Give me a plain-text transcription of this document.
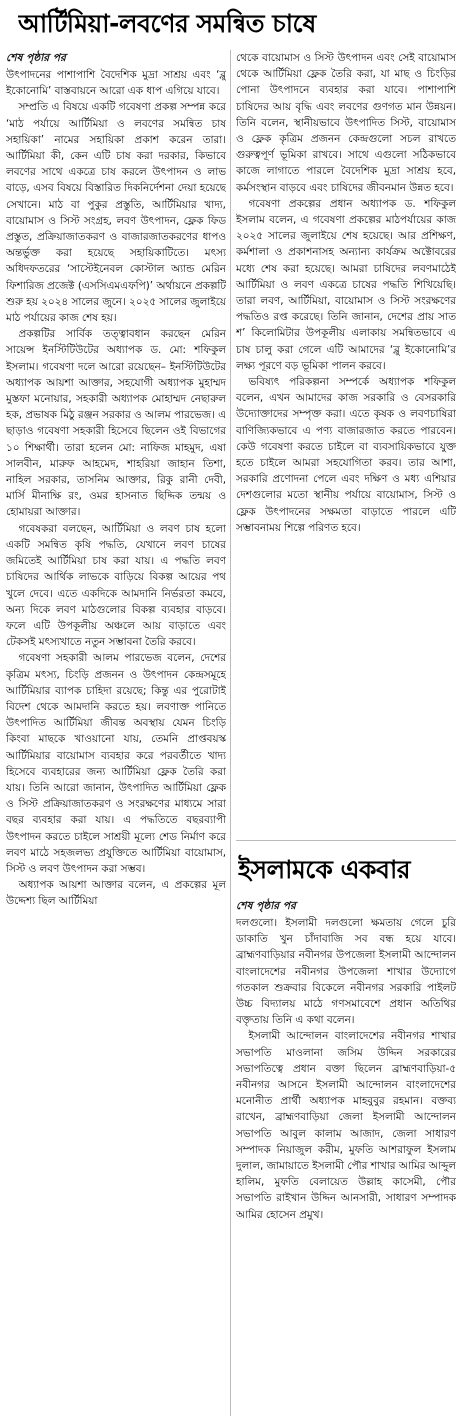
আর্টিমিয়া-লবণের সমন্বিত চাষে
শেষ পৃষ্ঠার পর

উৎপাদনের পাশাপাশি বৈদেশিক মুদ্রা সাশ্রয় এবং ‘ব্লু ইকোনোমি’ বাস্তবায়নে আরো এক ধাপ এগিয়ে যাবে।

সম্প্রতি এ বিষয়ে একটি গবেষণা প্রকল্প সম্পন্ন করে ‘মাঠ পর্যায়ে আর্টিমিয়া ও লবণের সমন্বিত চাষ সহায়িকা’ নামের সহায়িকা প্রকাশ করেন তারা। আর্টিমিয়া কী, কেন এটি চাষ করা দরকার, কিভাবে লবণের সাথে একত্রে চাষ করলে উৎপাদন ও লাভ বাড়ে, এসব বিষয়ে বিস্তারিত দিকনির্দেশনা দেয়া হয়েছে সেখানে। মাঠ বা পুকুর প্রস্তুতি, আর্টিমিয়ার খাদ্য, বায়োমাস ও সিস্ট সংগ্রহ, লবণ উৎপাদন, ফ্লেক ফিড প্রস্তুত, প্রক্রিয়াজাতকরণ ও বাজারজাতকরণের ধাপও অন্তর্ভুক্ত করা হয়েছে সহায়িকাটিতে। মৎস্য অধিদফতরের ‘সাস্টেইনেবল কোস্টাল অ্যান্ড মেরিন ফিশারিজ প্রজেক্ট (এসসিএমএফপি)’ অর্থায়নে প্রকল্পটি শুরু হয় ২০২৪ সালের জুনে। ২০২৫ সালের জুলাইয়ে মাঠ পর্যায়ের কাজ শেষ হয়।

প্রকল্পটির সার্বিক তত্ত্বাবধান করছেন মেরিন সায়েন্স ইনস্টিটিউটের অধ্যাপক ড. মো: শফিকুল ইসলাম। গবেষণা দলে আরো রয়েছেন– ইনস্টিটিউটের অধ্যাপক আয়শা আক্তার, সহযোগী অধ্যাপক মুহাম্মদ মুস্তফা মনোয়ার, সহকারী অধ্যাপক মোহাম্মদ নেছারুল হক, প্রভাষক মিঠু রঞ্জন সরকার ও আলম পারভেজ। এ ছাড়াও গবেষণা সহকারী হিসেবে ছিলেন ওই বিভাগের ১০ শিক্ষার্থী। তারা হলেন মো: নাফিজ মাহমুদ, এষা সালবীন, মারুফ আহমেদ, শাহরিয়া জাহান তিশা, নাহিল সরকার, তাসনিম আক্তার, রিকু রানী দেবী, মার্সি মীনাক্ষি রং, ওমর হাসনাত ছিদ্দিক তন্ময় ও হোমায়রা আক্তার।

গবেষকরা বলছেন, আর্টিমিয়া ও লবণ চাষ হলো একটি সমন্বিত কৃষি পদ্ধতি, যেখানে লবণ চাষের জমিতেই আর্টিমিয়া চাষ করা যায়। এ পদ্ধতি লবণ চাষিদের আর্থিক লাভকে বাড়িয়ে বিকল্প আয়ের পথ খুলে দেবে। এতে একদিকে আমদানি নির্ভরতা কমবে, অন্য দিকে লবণ মাঠগুলোর বিকল্প ব্যবহার বাড়বে। ফলে এটি উপকূলীয় অঞ্চলে আয় বাড়াতে এবং টেকসই মৎস্যখাতে নতুন সম্ভাবনা তৈরি করবে।

গবেষণা সহকারী আলম পারভেজ বলেন, দেশের কৃত্রিম মৎস্য, চিংড়ি প্রজনন ও উৎপাদন কেন্দ্রসমূহে আর্টিমিয়ার ব্যাপক চাহিদা রয়েছে; কিন্তু এর পুরোটাই বিদেশ থেকে আমদানি করতে হয়। লবণাক্ত পানিতে উৎপাদিত আর্টিমিয়া জীবন্ত অবস্থায় যেমন চিংড়ি কিংবা মাছকে খাওয়ানো যায়, তেমনি প্রাপ্তবয়স্ক আর্টিমিয়ার বায়োমাস ব্যবহার করে পরবর্তীতে খাদ্য হিসেবে ব্যবহারের জন্য আর্টিমিয়া ফ্লেক তৈরি করা যায়। তিনি আরো জানান, উৎপাদিত আর্টিমিয়া ফ্লেক ও সিস্ট প্রক্রিয়াজাতকরণ ও সংরক্ষণের মাধ্যমে সারা বছর ব্যবহার করা যায়। এ পদ্ধতিতে বছরব্যাপী উৎপাদন করতে চাইলে সাশ্রয়ী মূল্যে শেড নির্মাণ করে লবণ মাঠে সহজলভ্য প্রযুক্তিতে আর্টিমিয়া বায়োমাস, সিস্ট ও লবণ উৎপাদন করা সম্ভব।

অধ্যাপক আয়শা আক্তার বলেন, এ প্রকল্পের মূল উদ্দেশ্য ছিল আর্টিমিয়া

থেকে বায়োমাস ও সিস্ট উৎপাদন এবং সেই বায়োমাস থেকে আর্টিমিয়া ফ্লেক তৈরি করা, যা মাছ ও চিংড়ির পোনা উৎপাদনে ব্যবহার করা যাবে। পাশাপাশি চাষিদের আয় বৃদ্ধি এবং লবণের গুণগত মান উন্নয়ন। তিনি বলেন, স্থানীয়ভাবে উৎপাদিত সিস্ট, বায়োমাস ও ফ্লেক কৃত্রিম প্রজনন কেন্দ্রগুলো সচল রাখতে গুরুত্বপূর্ণ ভূমিকা রাখবে। সাথে এগুলো সঠিকভাবে কাজে লাগাতে পারলে বৈদেশিক মুদ্রা সাশ্রয় হবে, কর্মসংস্থান বাড়বে এবং চাষিদের জীবনমান উন্নত হবে।

গবেষণা প্রকল্পের প্রধান অধ্যাপক ড. শফিকুল ইসলাম বলেন, এ গবেষণা প্রকল্পের মাঠপর্যায়ের কাজ ২০২৫ সালের জুলাইয়ে শেষ হয়েছে। আর প্রশিক্ষণ, কর্মশালা ও প্রকাশনাসহ অন্যান্য কার্যক্রম অক্টোবরের মধ্যে শেষ করা হয়েছে। আমরা চাষিদের লবণমাঠেই আর্টিমিয়া ও লবণ একত্রে চাষের পদ্ধতি শিখিয়েছি। তারা লবণ, আর্টিমিয়া, বায়োমাস ও সিস্ট সংরক্ষণের পদ্ধতিও রপ্ত করেছে। তিনি জানান, দেশের প্রায় সাত শ’ কিলোমিটার উপকূলীয় এলাকায় সমন্বিতভাবে এ চাষ চালু করা গেলে এটি আমাদের ‘ব্লু ইকোনোমি’র লক্ষ্য পূরণে বড় ভূমিকা পালন করবে।

ভবিষ্যৎ পরিকল্পনা সম্পর্কে অধ্যাপক শফিকুল বলেন, এখন আমাদের কাজ সরকারি ও বেসরকারি উদ্যোক্তাদের সম্পৃক্ত করা। এতে কৃষক ও লবণচাষিরা বাণিজ্যিকভাবে এ পণ্য বাজারজাত করতে পারবেন। কেউ গবেষণা করতে চাইলে বা ব্যবসায়িকভাবে যুক্ত হতে চাইলে আমরা সহযোগিতা করব। তার আশা, সরকারি প্রণোদনা পেলে এবং দক্ষিণ ও মধ্য এশিয়ার দেশগুলোর মতো স্থানীয় পর্যায়ে বায়োমাস, সিস্ট ও ফ্লেক উৎপাদনের সক্ষমতা বাড়াতে পারলে এটি সম্ভাবনাময় শিল্পে পরিণত হবে।

ইসলামকে একবার
শেষ পৃষ্ঠার পর

দলগুলো। ইসলামী দলগুলো ক্ষমতায় গেলে চুরি ডাকাতি খুন চাঁদাবাজি সব বন্ধ হয়ে যাবে। ব্রাহ্মণবাড়িয়ার নবীনগর উপজেলা ইসলামী আন্দোলন বাংলাদেশের নবীনগর উপজেলা শাখার উদ্যোগে গতকাল শুক্রবার বিকেলে নবীনগর সরকারি পাইলট উচ্চ বিদ্যালয় মাঠে গণসমাবেশে প্রধান অতিথির বক্তৃতায় তিনি এ কথা বলেন।

ইসলামী আন্দোলন বাংলাদেশের নবীনগর শাখার সভাপতি মাওলানা জসিম উদ্দিন সরকারের সভাপতিত্বে প্রধান বক্তা ছিলেন ব্রাহ্মণবাড়িয়া-৫ নবীনগর আসনে ইসলামী আন্দোলন বাংলাদেশের মনোনীত প্রার্থী অধ্যাপক মাহবুবুর রহমান। বক্তব্য রাখেন, ব্রাহ্মণবাড়িয়া জেলা ইসলামী আন্দোলন সভাপতি আবুল কালাম আজাদ, জেলা সাধারণ সম্পাদক নিয়াজুল করীম, মুফতি আশরাফুল ইসলাম দুলাল, জামায়াতে ইসলামী পৌর শাখার আমির আব্দুল হালিম, মুফতি বেলায়েত উল্লাহ কাসেমী, পৌর সভাপতি রাইখান উদ্দিন আনসারী, সাধারণ সম্পাদক আমির হোসেন প্রমুখ।
